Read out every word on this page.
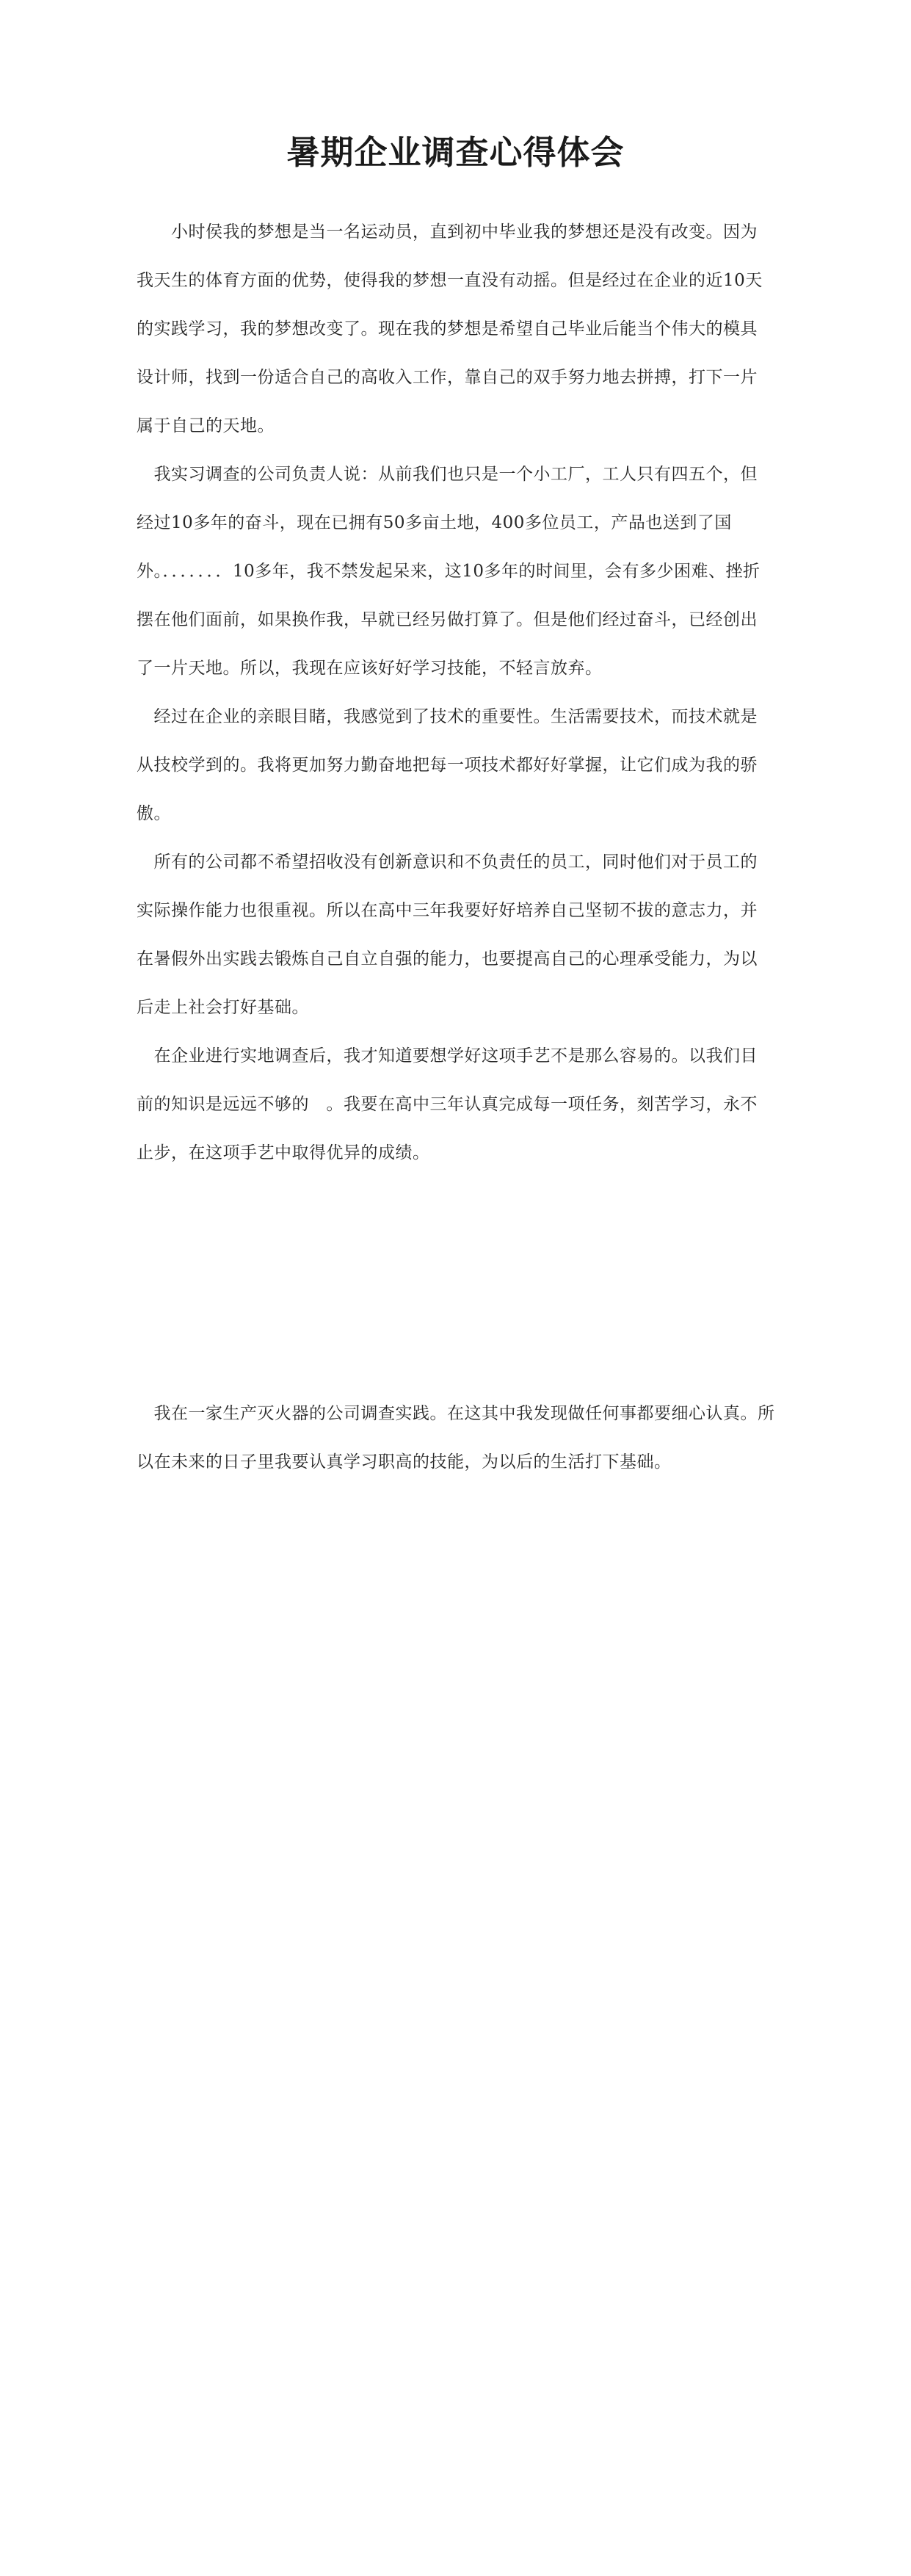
暑期企业调查心得体会

　　小时侯我的梦想是当一名运动员，直到初中毕业我的梦想还是没有改变。因为我天生的体育方面的优势，使得我的梦想一直没有动摇。但是经过在企业的近10天的实践学习，我的梦想改变了。现在我的梦想是希望自己毕业后能当个伟大的模具设计师，找到一份适合自己的高收入工作，靠自己的双手努力地去拼搏，打下一片属于自己的天地。

　我实习调查的公司负责人说：从前我们也只是一个小工厂，工人只有四五个，但经过10多年的奋斗，现在已拥有50多亩土地，400多位员工，产品也送到了国外。．．．．．．．10多年，我不禁发起呆来，这10多年的时间里，会有多少困难、挫折摆在他们面前，如果换作我，早就已经另做打算了。但是他们经过奋斗，已经创出了一片天地。所以，我现在应该好好学习技能，不轻言放弃。

　经过在企业的亲眼目睹，我感觉到了技术的重要性。生活需要技术，而技术就是从技校学到的。我将更加努力勤奋地把每一项技术都好好掌握，让它们成为我的骄傲。

　所有的公司都不希望招收没有创新意识和不负责任的员工，同时他们对于员工的实际操作能力也很重视。所以在高中三年我要好好培养自己坚韧不拔的意志力，并在暑假外出实践去锻炼自己自立自强的能力，也要提高自己的心理承受能力，为以后走上社会打好基础。

　在企业进行实地调查后，我才知道要想学好这项手艺不是那么容易的。以我们目前的知识是远远不够的　。我要在高中三年认真完成每一项任务，刻苦学习，永不止步，在这项手艺中取得优异的成绩。

　我在一家生产灭火器的公司调查实践。在这其中我发现做任何事都要细心认真。所以在未来的日子里我要认真学习职高的技能，为以后的生活打下基础。
